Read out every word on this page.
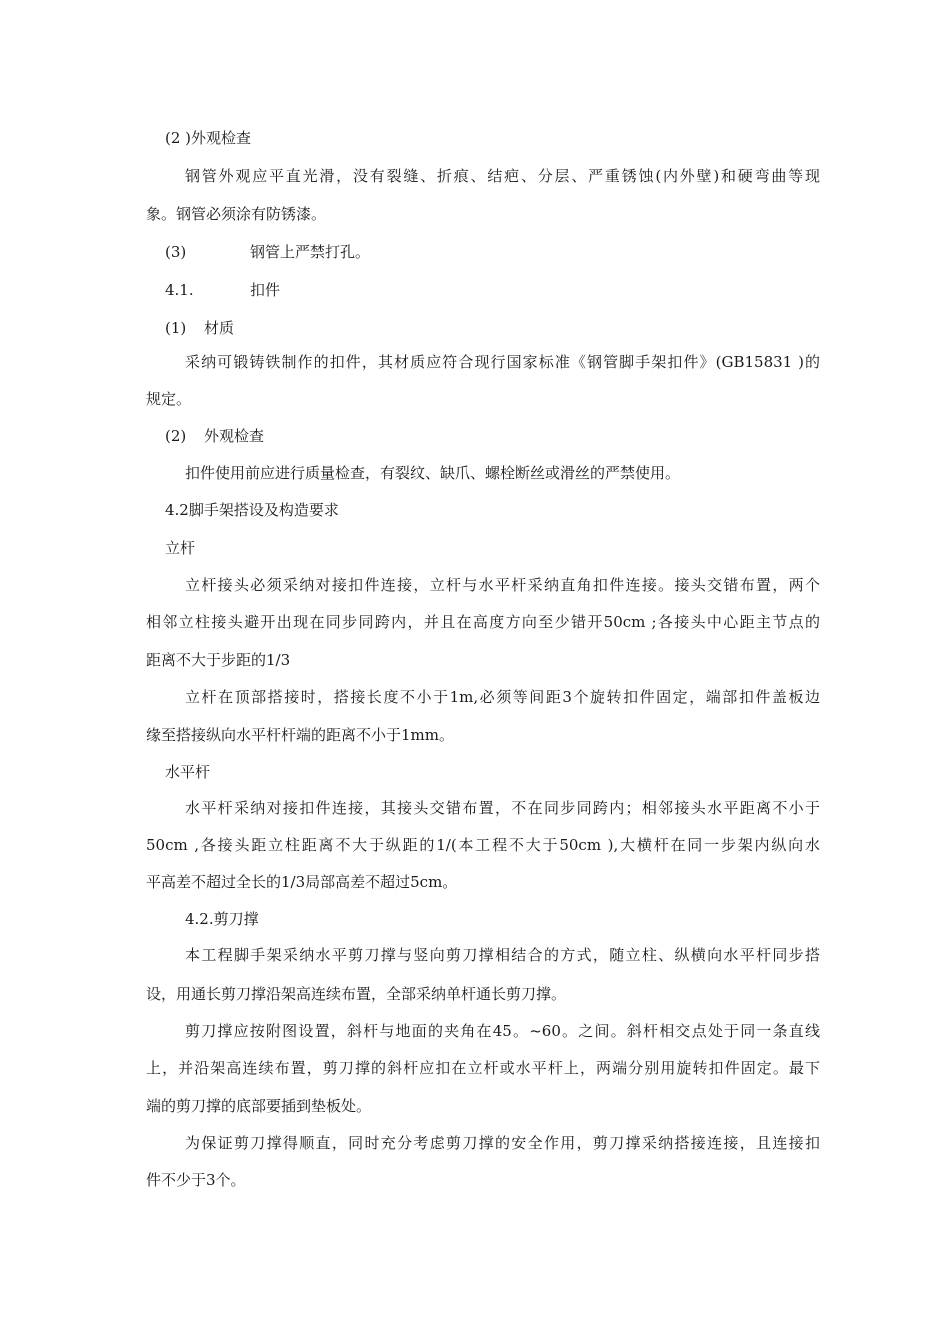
(2 )外观检查
钢管外观应平直光滑，没有裂缝、折痕、结疤、分层、严重锈蚀(内外壁)和硬弯曲等现
象。钢管必须涂有防锈漆。
(3)	钢管上严禁打孔。
4.1.	扣件
(1) 材质
采纳可锻铸铁制作的扣件，其材质应符合现行国家标准《钢管脚手架扣件》(GB15831 )的
规定。
(2) 外观检查
扣件使用前应进行质量检查，有裂纹、缺爪、螺栓断丝或滑丝的严禁使用。
4.2脚手架搭设及构造要求
立杆
立杆接头必须采纳对接扣件连接，立杆与水平杆采纳直角扣件连接。接头交错布置，两个
相邻立柱接头避开出现在同步同跨内，并且在高度方向至少错开50cm ;各接头中心距主节点的
距离不大于步距的1/3
立杆在顶部搭接时，搭接长度不小于1m,必须等间距3个旋转扣件固定，端部扣件盖板边
缘至搭接纵向水平杆杆端的距离不小于1mm。
水平杆
水平杆采纳对接扣件连接，其接头交错布置，不在同步同跨内；相邻接头水平距离不小于
50cm ,各接头距立柱距离不大于纵距的1/(本工程不大于50cm ),大横杆在同一步架内纵向水
平高差不超过全长的1/3局部高差不超过5cm。
4.2.剪刀撑
本工程脚手架采纳水平剪刀撑与竖向剪刀撑相结合的方式，随立柱、纵横向水平杆同步搭
设，用通长剪刀撑沿架高连续布置，全部采纳单杆通长剪刀撑。
剪刀撑应按附图设置，斜杆与地面的夹角在45。~60。之间。斜杆相交点处于同一条直线
上，并沿架高连续布置，剪刀撑的斜杆应扣在立杆或水平杆上，两端分别用旋转扣件固定。最下
端的剪刀撑的底部要插到垫板处。
为保证剪刀撑得顺直，同时充分考虑剪刀撑的安全作用，剪刀撑采纳搭接连接，且连接扣
件不少于3个。
